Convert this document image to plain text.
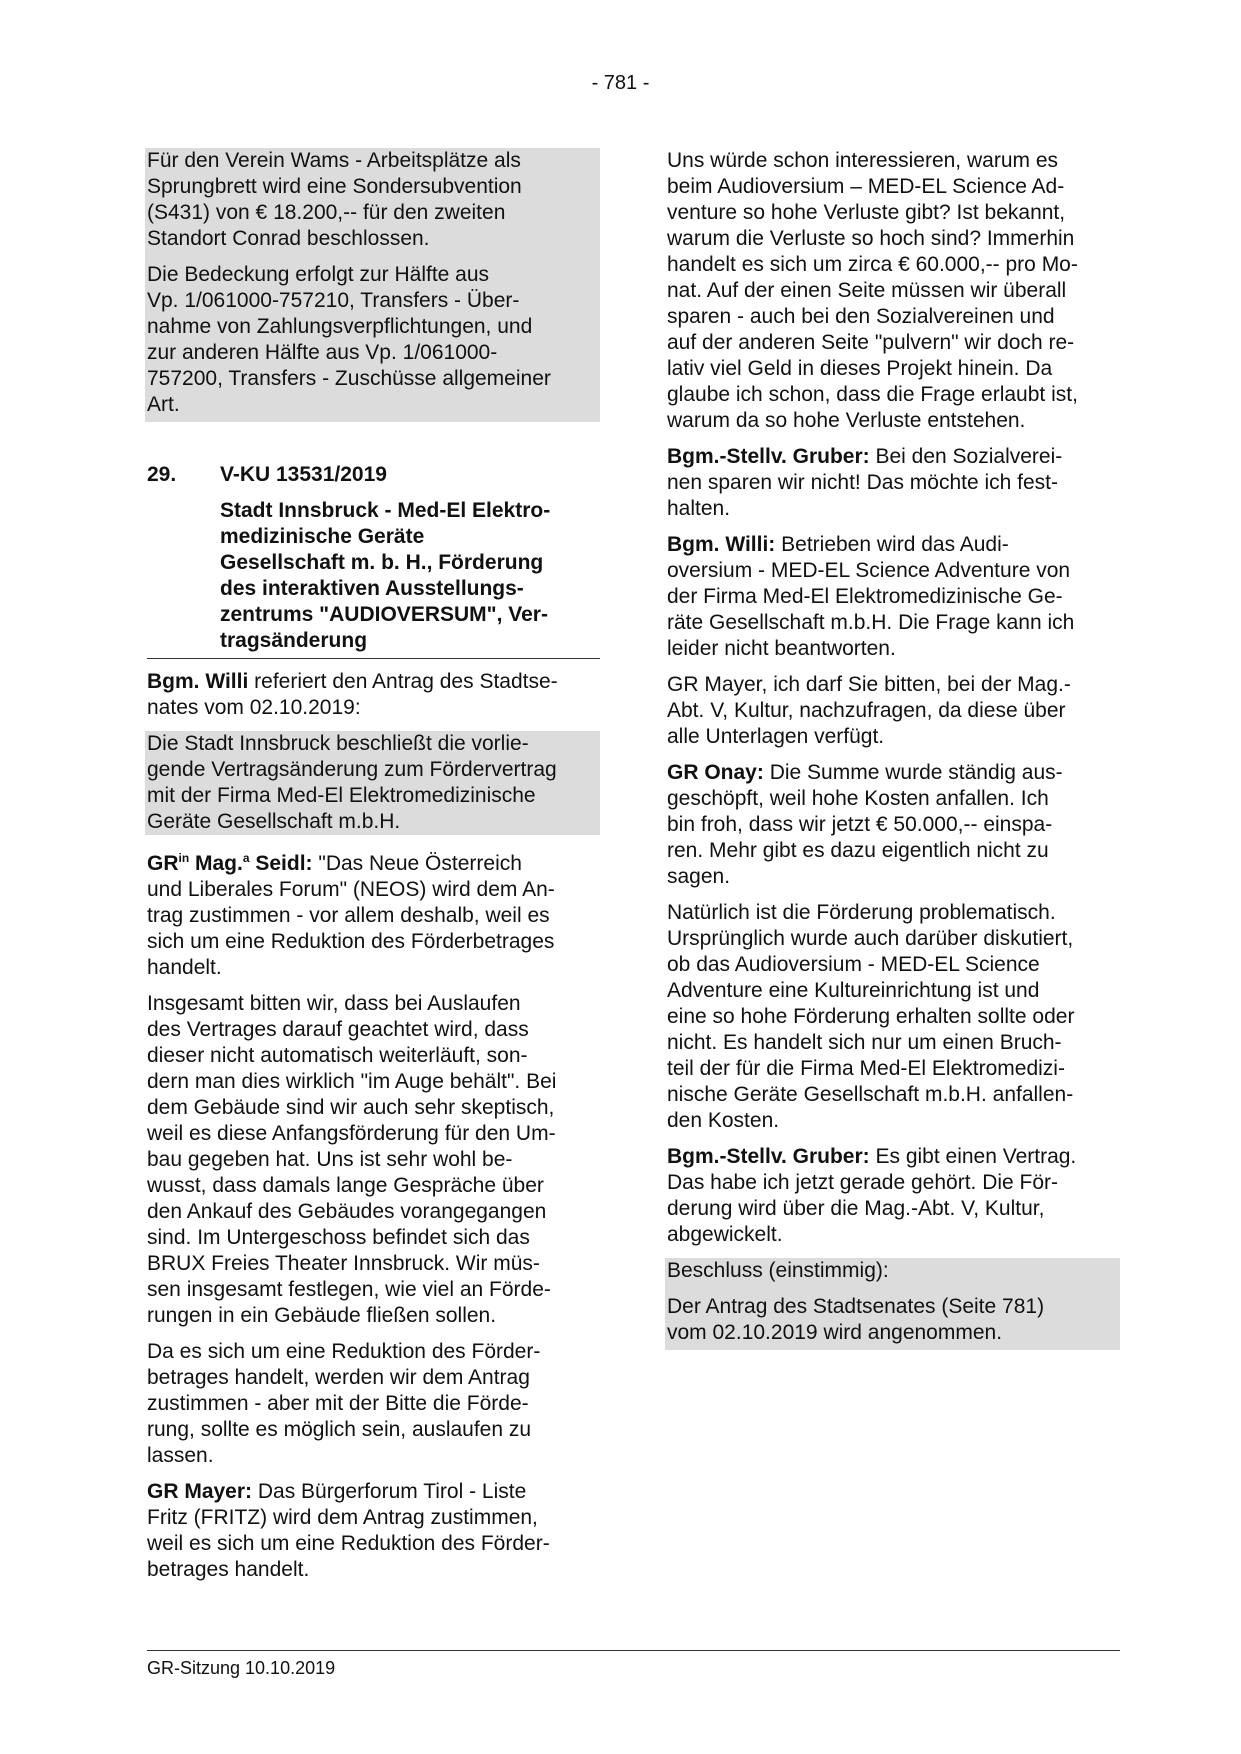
- 781 -
Für den Verein Wams - Arbeitsplätze als
Sprungbrett wird eine Sondersubvention
(S431) von € 18.200,-- für den zweiten
Standort Conrad beschlossen.
Die Bedeckung erfolgt zur Hälfte aus
Vp. 1/061000-757210, Transfers - Über-
nahme von Zahlungsverpflichtungen, und
zur anderen Hälfte aus Vp. 1/061000-
757200, Transfers - Zuschüsse allgemeiner
Art.
29.	V-KU 13531/2019
Stadt Innsbruck - Med-El Elektro-
medizinische Geräte
Gesellschaft m. b. H., Förderung
des interaktiven Ausstellungs-
zentrums "AUDIOVERSUM", Ver-
tragsänderung
Bgm. Willi referiert den Antrag des Stadtse-
nates vom 02.10.2019:
Die Stadt Innsbruck beschließt die vorlie-
gende Vertragsänderung zum Fördervertrag
mit der Firma Med-El Elektromedizinische
Geräte Gesellschaft m.b.H.
$GR^{in}$ Mag.$^a$ Seidl: "Das Neue Österreich
und Liberales Forum" (NEOS) wird dem An-
trag zustimmen - vor allem deshalb, weil es
sich um eine Reduktion des Förderbetrages
handelt.
Insgesamt bitten wir, dass bei Auslaufen
des Vertrages darauf geachtet wird, dass
dieser nicht automatisch weiterläuft, son-
dern man dies wirklich "im Auge behält". Bei
dem Gebäude sind wir auch sehr skeptisch,
weil es diese Anfangsförderung für den Um-
bau gegeben hat. Uns ist sehr wohl be-
wusst, dass damals lange Gespräche über
den Ankauf des Gebäudes vorangegangen
sind. Im Untergeschoss befindet sich das
BRUX Freies Theater Innsbruck. Wir müs-
sen insgesamt festlegen, wie viel an Förde-
rungen in ein Gebäude fließen sollen.
Da es sich um eine Reduktion des Förder-
betrages handelt, werden wir dem Antrag
zustimmen - aber mit der Bitte die Förde-
rung, sollte es möglich sein, auslaufen zu
lassen.
GR Mayer: Das Bürgerforum Tirol - Liste
Fritz (FRITZ) wird dem Antrag zustimmen,
weil es sich um eine Reduktion des Förder-
betrages handelt.
Uns würde schon interessieren, warum es
beim Audioversium – MED-EL Science Ad-
venture so hohe Verluste gibt? Ist bekannt,
warum die Verluste so hoch sind? Immerhin
handelt es sich um zirca € 60.000,-- pro Mo-
nat. Auf der einen Seite müssen wir überall
sparen - auch bei den Sozialvereinen und
auf der anderen Seite "pulvern" wir doch re-
lativ viel Geld in dieses Projekt hinein. Da
glaube ich schon, dass die Frage erlaubt ist,
warum da so hohe Verluste entstehen.
Bgm.-Stellv. Gruber: Bei den Sozialverei-
nen sparen wir nicht! Das möchte ich fest-
halten.
Bgm. Willi: Betrieben wird das Audi-
oversium - MED-EL Science Adventure von
der Firma Med-El Elektromedizinische Ge-
räte Gesellschaft m.b.H. Die Frage kann ich
leider nicht beantworten.
GR Mayer, ich darf Sie bitten, bei der Mag.-
Abt. V, Kultur, nachzufragen, da diese über
alle Unterlagen verfügt.
GR Onay: Die Summe wurde ständig aus-
geschöpft, weil hohe Kosten anfallen. Ich
bin froh, dass wir jetzt € 50.000,-- einspa-
ren. Mehr gibt es dazu eigentlich nicht zu
sagen.
Natürlich ist die Förderung problematisch.
Ursprünglich wurde auch darüber diskutiert,
ob das Audioversium - MED-EL Science
Adventure eine Kultureinrichtung ist und
eine so hohe Förderung erhalten sollte oder
nicht. Es handelt sich nur um einen Bruch-
teil der für die Firma Med-El Elektromedizi-
nische Geräte Gesellschaft m.b.H. anfallen-
den Kosten.
Bgm.-Stellv. Gruber: Es gibt einen Vertrag.
Das habe ich jetzt gerade gehört. Die För-
derung wird über die Mag.-Abt. V, Kultur,
abgewickelt.
Beschluss (einstimmig):
Der Antrag des Stadtsenates (Seite 781)
vom 02.10.2019 wird angenommen.
GR-Sitzung 10.10.2019
